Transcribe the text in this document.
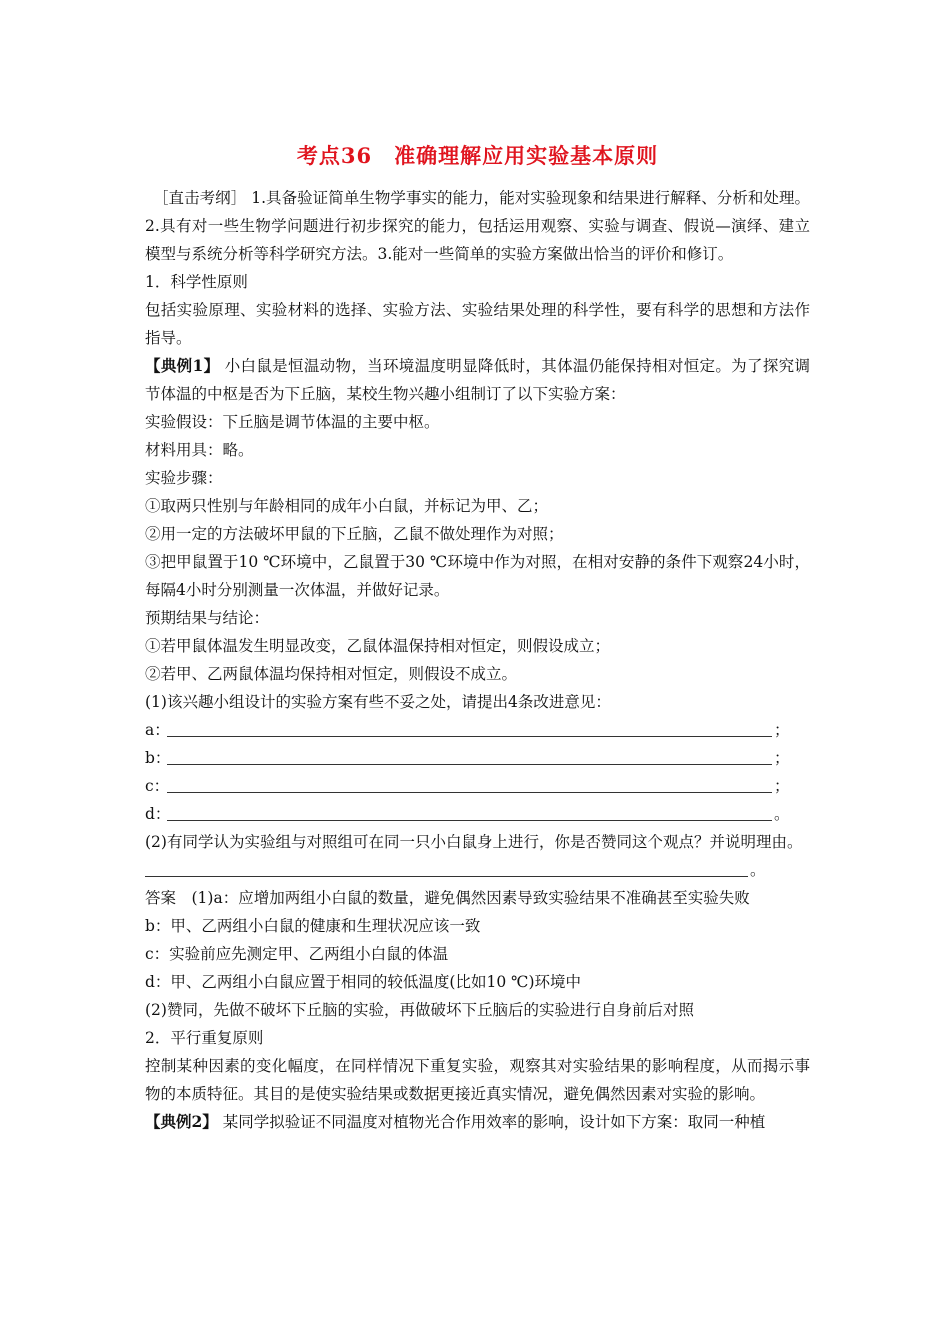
考点36　准确理解应用实验基本原则

［直击考纲］ 1.具备验证简单生物学事实的能力，能对实验现象和结果进行解释、分析和处理。2.具有对一些生物学问题进行初步探究的能力，包括运用观察、实验与调查、假说—演绎、建立模型与系统分析等科学研究方法。3.能对一些简单的实验方案做出恰当的评价和修订。

1．科学性原则

包括实验原理、实验材料的选择、实验方法、实验结果处理的科学性，要有科学的思想和方法作指导。

【典例1】 小白鼠是恒温动物，当环境温度明显降低时，其体温仍能保持相对恒定。为了探究调节体温的中枢是否为下丘脑，某校生物兴趣小组制订了以下实验方案：

实验假设：下丘脑是调节体温的主要中枢。

材料用具：略。

实验步骤：

①取两只性别与年龄相同的成年小白鼠，并标记为甲、乙；

②用一定的方法破坏甲鼠的下丘脑，乙鼠不做处理作为对照；

③把甲鼠置于10 ℃环境中，乙鼠置于30 ℃环境中作为对照，在相对安静的条件下观察24小时，每隔4小时分别测量一次体温，并做好记录。

预期结果与结论：

①若甲鼠体温发生明显改变，乙鼠体温保持相对恒定，则假设成立；

②若甲、乙两鼠体温均保持相对恒定，则假设不成立。

(1)该兴趣小组设计的实验方案有些不妥之处，请提出4条改进意见：

a：	；
b：	；
c：	；
d：	。

(2)有同学认为实验组与对照组可在同一只小白鼠身上进行，你是否赞同这个观点？并说明理由。

。

答案　(1)a：应增加两组小白鼠的数量，避免偶然因素导致实验结果不准确甚至实验失败

b：甲、乙两组小白鼠的健康和生理状况应该一致

c：实验前应先测定甲、乙两组小白鼠的体温

d：甲、乙两组小白鼠应置于相同的较低温度(比如10 ℃)环境中

(2)赞同，先做不破坏下丘脑的实验，再做破坏下丘脑后的实验进行自身前后对照

2．平行重复原则

控制某种因素的变化幅度，在同样情况下重复实验，观察其对实验结果的影响程度，从而揭示事物的本质特征。其目的是使实验结果或数据更接近真实情况，避免偶然因素对实验的影响。

【典例2】 某同学拟验证不同温度对植物光合作用效率的影响，设计如下方案：取同一种植
